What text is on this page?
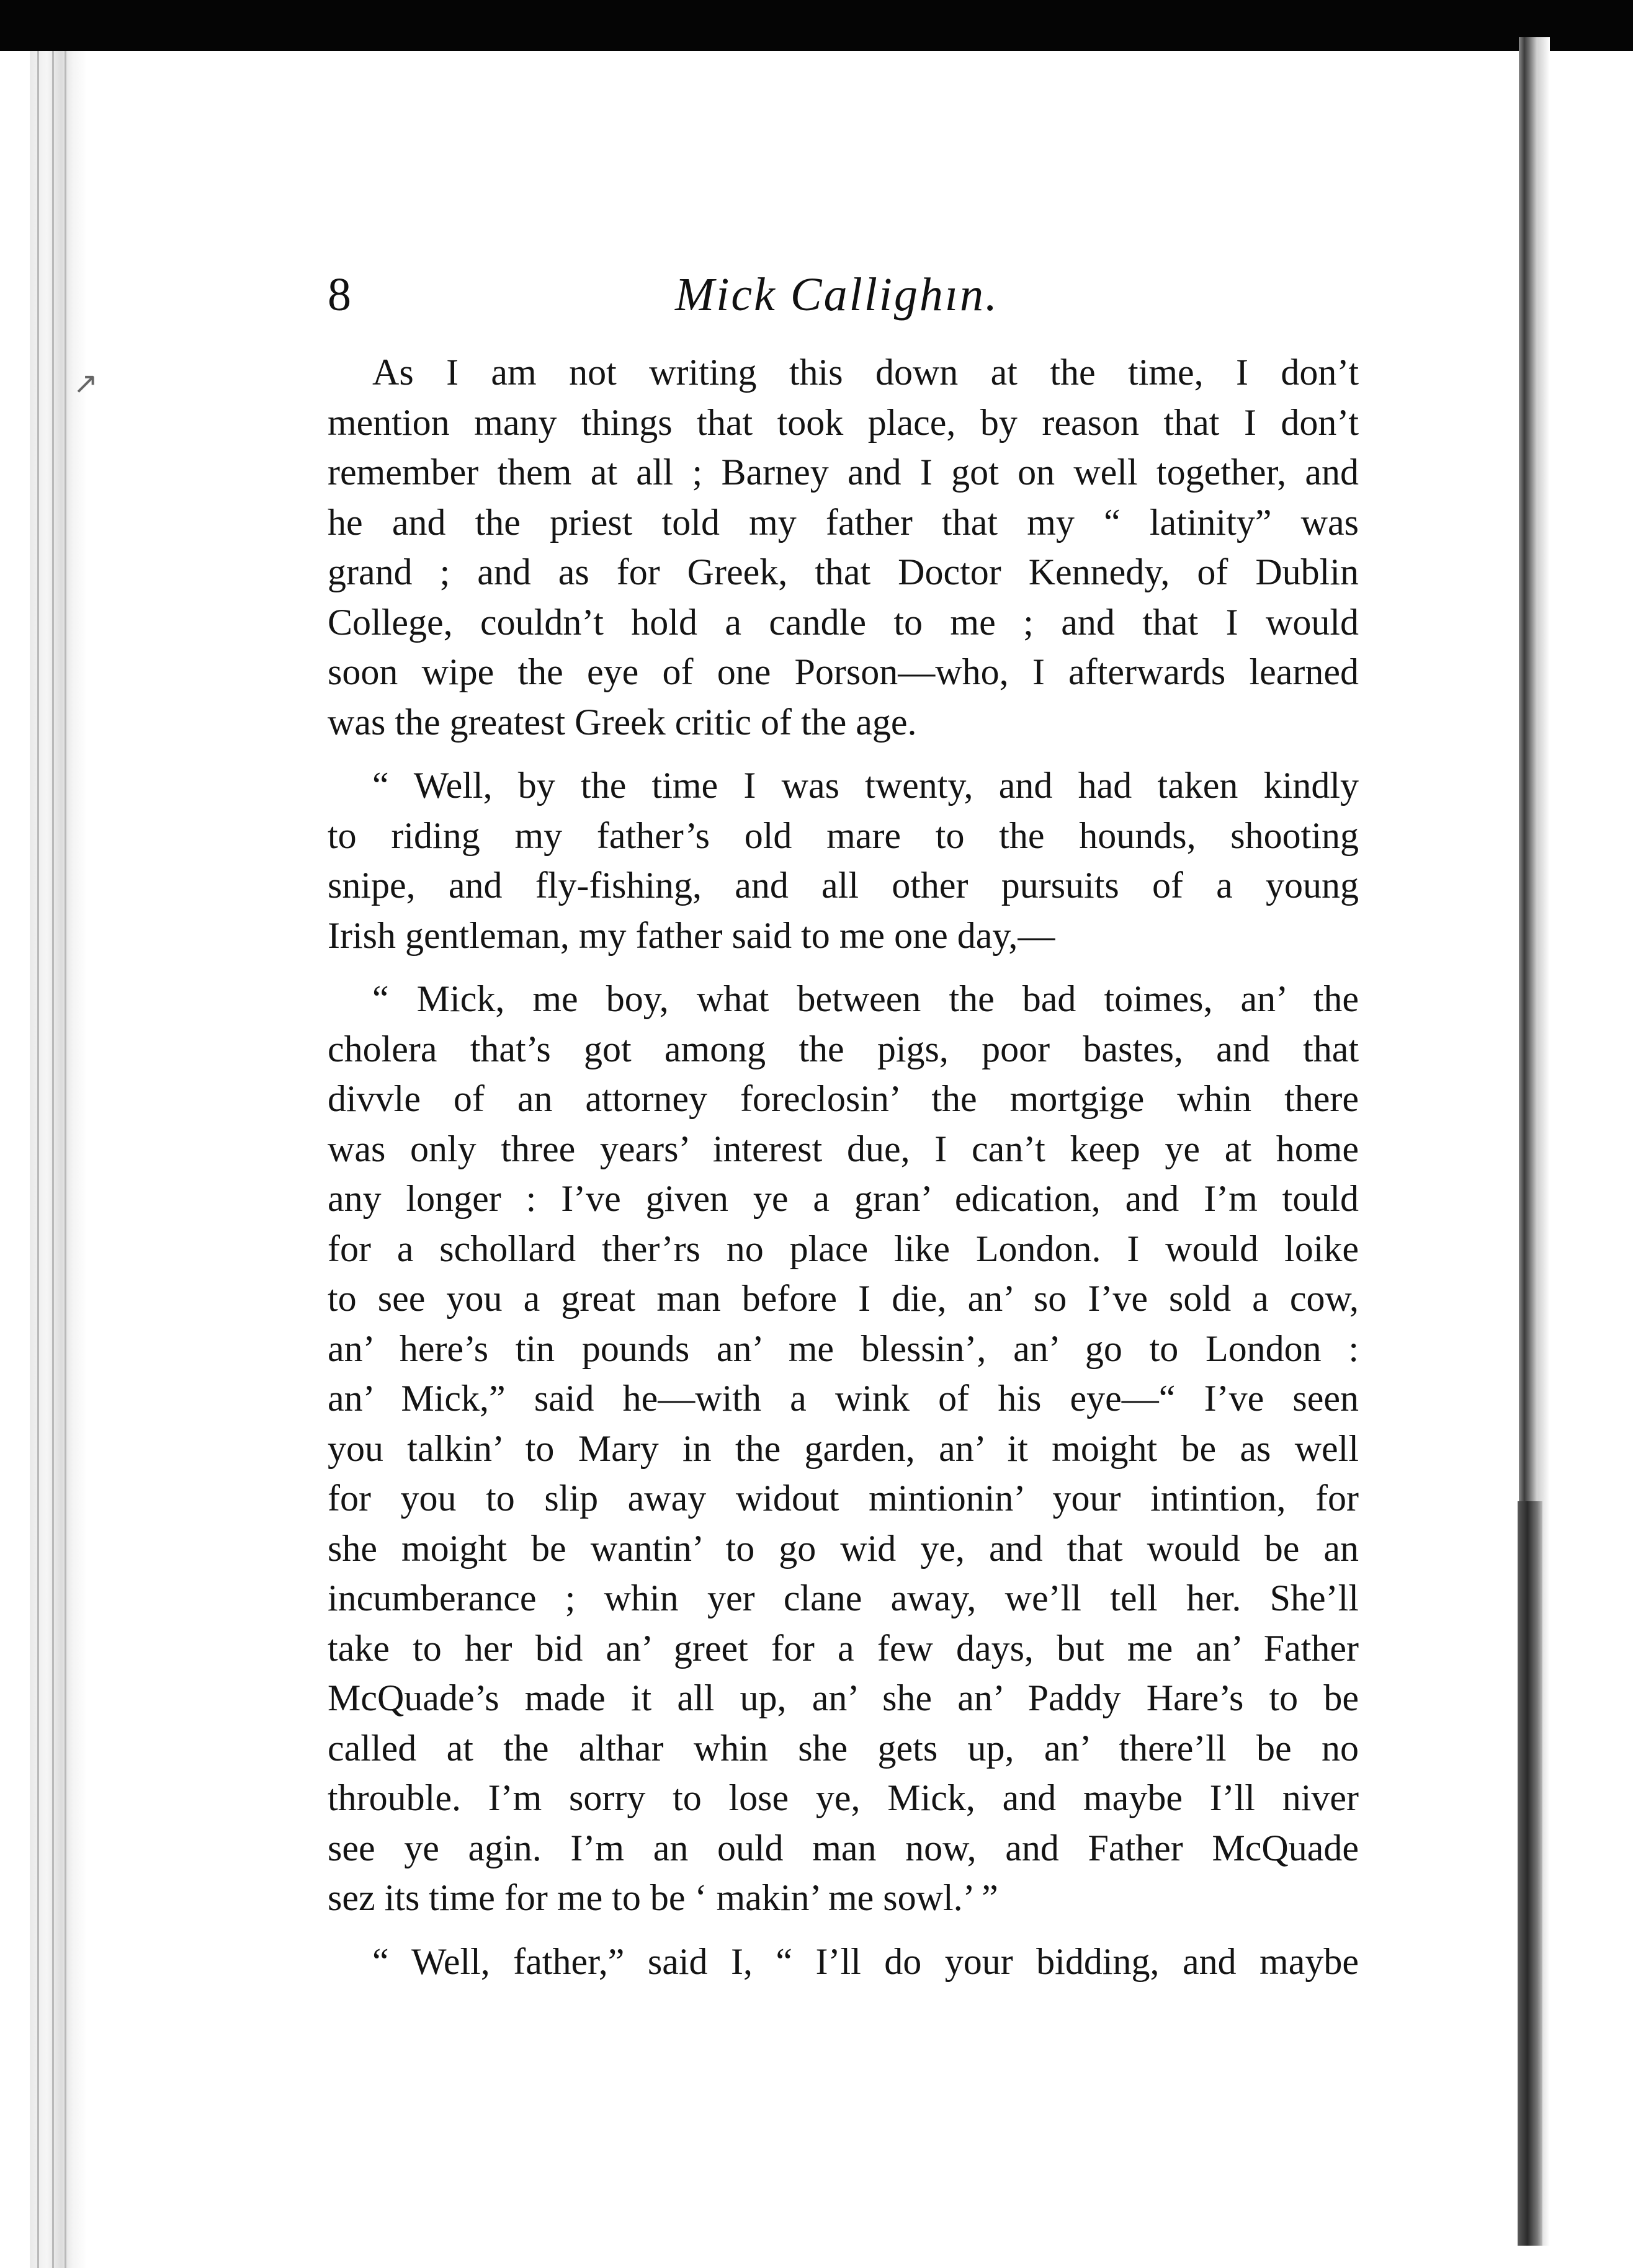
↗
8	Mick Callighın.
As I am not writing this down at the time, I don’t
mention many things that took place, by reason that I don’t
remember them at all ; Barney and I got on well together, and
he and the priest told my father that my “ latinity” was
grand ; and as for Greek, that Doctor Kennedy, of Dublin
College, couldn’t hold a candle to me ; and that I would
soon wipe the eye of one Porson—who, I afterwards learned
was the greatest Greek critic of the age.
“ Well, by the time I was twenty, and had taken kindly
to riding my father’s old mare to the hounds, shooting
snipe, and fly-fishing, and all other pursuits of a young
Irish gentleman, my father said to me one day,—
“ Mick, me boy, what between the bad toimes, an’ the
cholera that’s got among the pigs, poor bastes, and that
divvle of an attorney foreclosin’ the mortgige whin there
was only three years’ interest due, I can’t keep ye at home
any longer : I’ve given ye a gran’ edication, and I’m tould
for a schollard ther’rs no place like London. I would loike
to see you a great man before I die, an’ so I’ve sold a cow,
an’ here’s tin pounds an’ me blessin’, an’ go to London :
an’ Mick,” said he—with a wink of his eye—“ I’ve seen
you talkin’ to Mary in the garden, an’ it moight be as well
for you to slip away widout mintionin’ your intintion, for
she moight be wantin’ to go wid ye, and that would be an
incumberance ; whin yer clane away, we’ll tell her. She’ll
take to her bid an’ greet for a few days, but me an’ Father
McQuade’s made it all up, an’ she an’ Paddy Hare’s to be
called at the althar whin she gets up, an’ there’ll be no
throuble. I’m sorry to lose ye, Mick, and maybe I’ll niver
see ye agin. I’m an ould man now, and Father McQuade
sez its time for me to be ‘ makin’ me sowl.’ ”
“ Well, father,” said I, “ I’ll do your bidding, and maybe
